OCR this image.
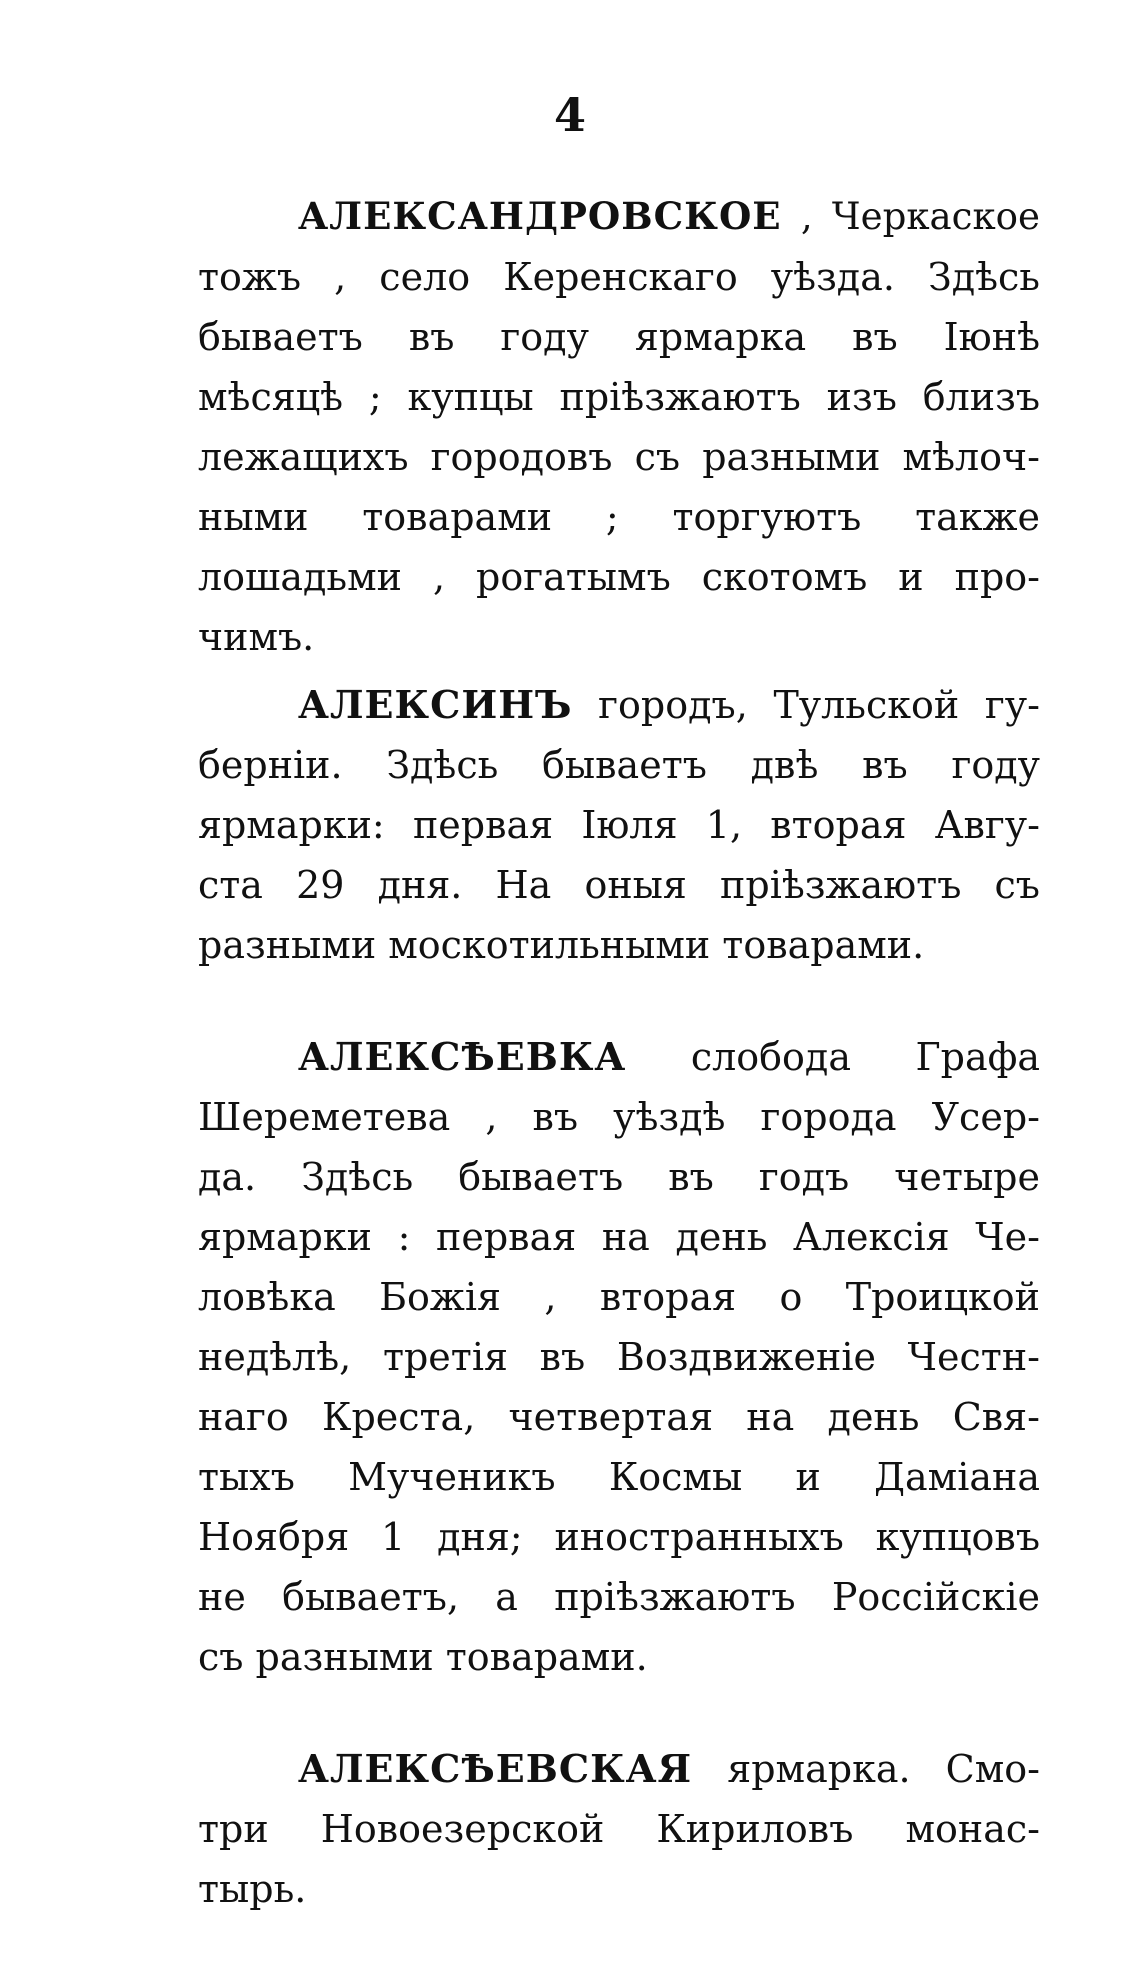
4
АЛЕКСАНДРОВСКОЕ , Черкаское
тожъ , село Керенскаго уѣзда. Здѣсь
бываетъ въ году ярмарка въ Іюнѣ
мѣсяцѣ ; купцы пріѣзжаютъ изъ близъ
лежащихъ городовъ съ разными мѣлоч-
ными товарами ; торгуютъ также
лошадьми , рогатымъ скотомъ и про-
чимъ.
АЛЕКСИНЪ городъ, Тульской гу-
берніи. Здѣсь бываетъ двѣ въ году
ярмарки: первая Іюля 1, вторая Авгу-
ста 29 дня. На оныя пріѣзжаютъ съ
разными москотильными товарами.
АЛЕКСѢЕВКА слобода Графа
Шереметева , въ уѣздѣ города Усер-
да. Здѣсь бываетъ въ годъ четыре
ярмарки : первая на день Алексія Че-
ловѣка Божія , вторая о Троицкой
недѣлѣ, третія въ Воздвиженіе Честн-
наго Креста, четвертая на день Свя-
тыхъ Мученикъ Космы и Даміана
Ноября 1 дня; иностранныхъ купцовъ
не бываетъ, а пріѣзжаютъ Россійскіе
съ разными товарами.
АЛЕКСѢЕВСКАЯ ярмарка. Смо-
три Новоезерской Кириловъ монас-
тырь.
